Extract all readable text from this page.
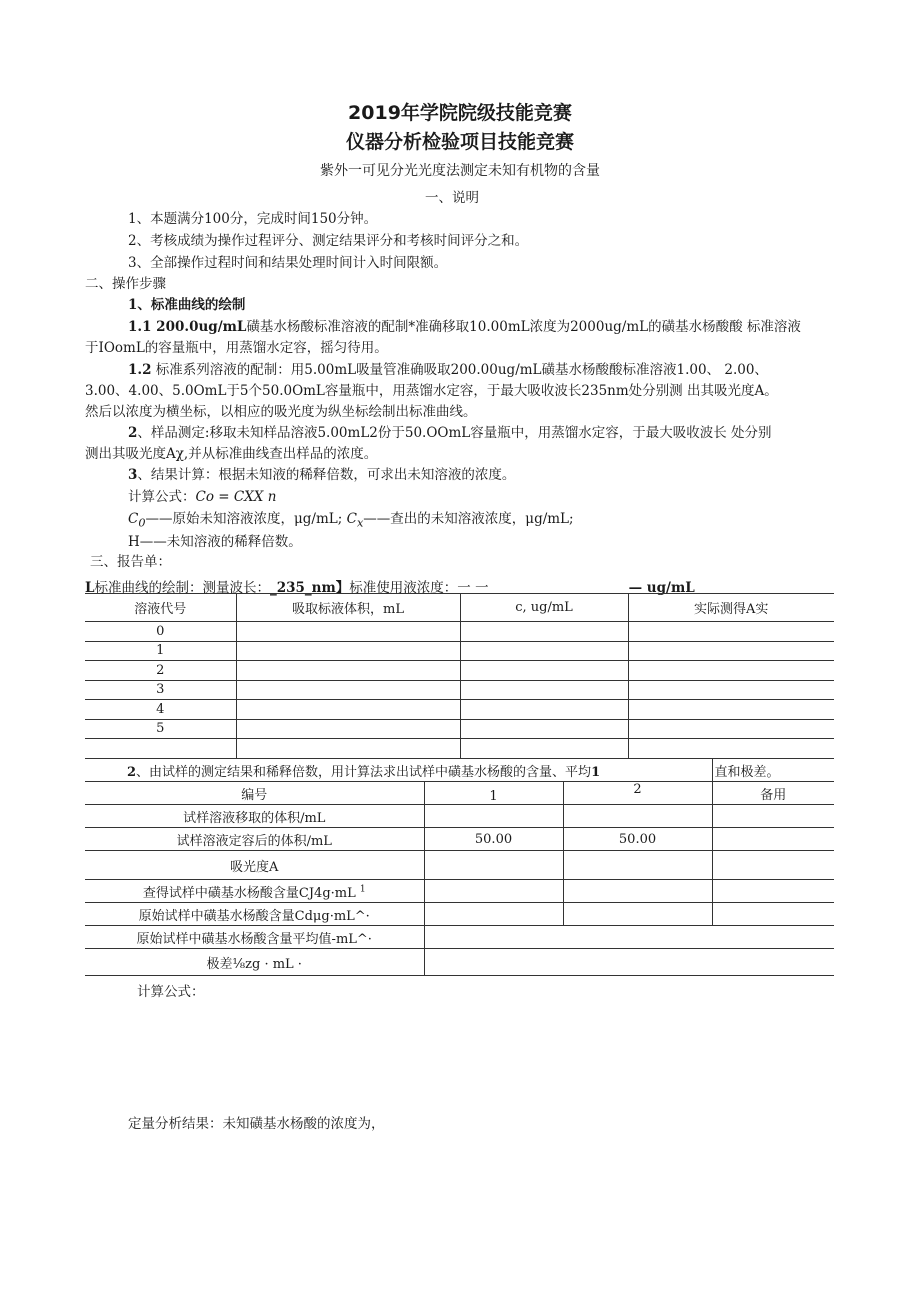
2019年学院院级技能竞赛
仪器分析检验项目技能竞赛
紫外一可见分光光度法测定未知有机物的含量
一、说明
1、本题满分100分，完成时间150分钟。
2、考核成绩为操作过程评分、测定结果评分和考核时间评分之和。
3、全部操作过程时间和结果处理时间计入时间限额。
二、操作步骤
1、标准曲线的绘制
1.1 200.0ug/mL磺基水杨酸标准溶液的配制*准确移取10.00mL浓度为2000ug/mL的磺基水杨酸酸 标准溶液
于IOomL的容量瓶中，用蒸馏水定容，摇匀待用。
1.2 标准系列溶液的配制：用5.00mL吸量管准确吸取200.00ug/mL磺基水杨酸酸标准溶液1.00、 2.00、
3.00、4.00、5.0OmL于5个50.0OmL容量瓶中，用蒸馏水定容，于最大吸收波长235nm处分别测 出其吸光度A。
然后以浓度为横坐标，以相应的吸光度为纵坐标绘制出标准曲线。
2、样品测定:移取未知样品溶液5.00mL2份于50.OOmL容量瓶中，用蒸馏水定容，于最大吸收波长 处分别
测出其吸光度Aχ,并从标准曲线查出样品的浓度。
3、结果计算：根据未知液的稀释倍数，可求出未知溶液的浓度。
计算公式：Co = CXX n
$C_0——$原始未知溶液浓度，μg/mL; $C_x——$查出的未知溶液浓度，μg/mL;
H——未知溶液的稀释倍数。
三、报告单：
L标准曲线的绘制：测量波长：_235_nm】标准使用液浓度：一 一	— ug/mL
溶液代号	吸取标液体积，mL	c, ug/mL	实际测得A实
0			
1			
2			
3			
4			
5			

2、由试样的测定结果和稀释倍数，用计算法求出试样中磺基水杨酸的含量、平均1			直和极差。
编号	1	2	备用
试样溶液移取的体积/mL			
试样溶液定容后的体积/mL	50.00	50.00	
吸光度A			
查得试样中磺基水杨酸含量CJ4g·mL $^1$			
原始试样中磺基水杨酸含量Cdμg·mL^·			
原始试样中磺基水杨酸含量平均值-mL^·			
极差⅛zg · mL ·			
计算公式：
定量分析结果：未知磺基水杨酸的浓度为，
